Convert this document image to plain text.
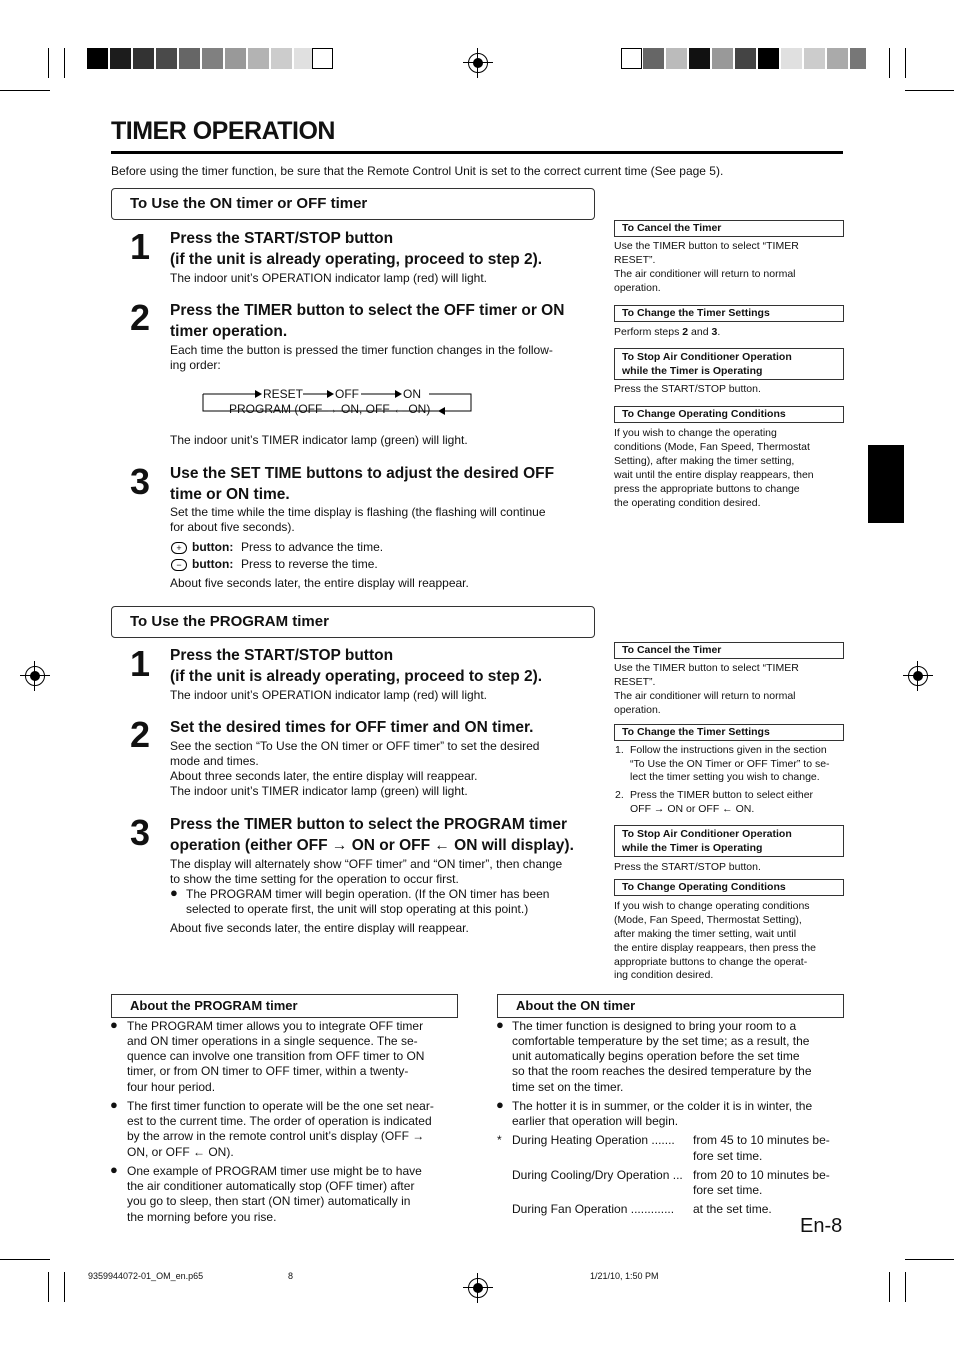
TIMER OPERATION
Before using the timer function, be sure that the Remote Control Unit is set to the correct current time (See page 5).
To Use the ON timer or OFF timer
1 Press the START/STOP button
(if the unit is already operating, proceed to step 2).
The indoor unit’s OPERATION indicator lamp (red) will light.
2 Press the TIMER button to select the OFF timer or ON
timer operation.
Each time the button is pressed the timer function changes in the follow-
ing order:
RESET	OFF	ON
PROGRAM (OFF → ON, OFF ← ON)
The indoor unit’s TIMER indicator lamp (green) will light.
3 Use the SET TIME buttons to adjust the desired OFF
time or ON time.
Set the time while the time display is flashing (the flashing will continue
for about five seconds).
+ button: Press to advance the time.
− button: Press to reverse the time.
About five seconds later, the entire display will reappear.
To Cancel the Timer
Use the TIMER button to select “TIMER
RESET”.
The air conditioner will return to normal
operation.
To Change the Timer Settings
Perform steps 2 and 3.
To Stop Air Conditioner Operation
while the Timer is Operating
Press the START/STOP button.
To Change Operating Conditions
If you wish to change the operating
conditions (Mode, Fan Speed, Thermostat
Setting), after making the timer setting,
wait until the entire display reappears, then
press the appropriate buttons to change
the operating condition desired.
To Use the PROGRAM timer
1 Press the START/STOP button
(if the unit is already operating, proceed to step 2).
The indoor unit’s OPERATION indicator lamp (red) will light.
2 Set the desired times for OFF timer and ON timer.
See the section “To Use the ON timer or OFF timer” to set the desired
mode and times.
About three seconds later, the entire display will reappear.
The indoor unit’s TIMER indicator lamp (green) will light.
3 Press the TIMER button to select the PROGRAM timer
operation (either OFF → ON or OFF ← ON will display).
The display will alternately show “OFF timer” and “ON timer”, then change
to show the time setting for the operation to occur first.
● The PROGRAM timer will begin operation. (If the ON timer has been
selected to operate first, the unit will stop operating at this point.)
About five seconds later, the entire display will reappear.
To Cancel the Timer
Use the TIMER button to select “TIMER
RESET”.
The air conditioner will return to normal
operation.
To Change the Timer Settings
1. Follow the instructions given in the section
“To Use the ON Timer or OFF Timer” to se-
lect the timer setting you wish to change.
2. Press the TIMER button to select either
OFF → ON or OFF ← ON.
To Stop Air Conditioner Operation
while the Timer is Operating
Press the START/STOP button.
To Change Operating Conditions
If you wish to change operating conditions
(Mode, Fan Speed, Thermostat Setting),
after making the timer setting, wait until
the entire display reappears, then press the
appropriate buttons to change the operat-
ing condition desired.
About the PROGRAM timer
● The PROGRAM timer allows you to integrate OFF timer
and ON timer operations in a single sequence. The se-
quence can involve one transition from OFF timer to ON
timer, or from ON timer to OFF timer, within a twenty-
four hour period.
● The first timer function to operate will be the one set near-
est to the current time. The order of operation is indicated
by the arrow in the remote control unit’s display (OFF →
ON, or OFF ← ON).
● One example of PROGRAM timer use might be to have
the air conditioner automatically stop (OFF timer) after
you go to sleep, then start (ON timer) automatically in
the morning before you rise.
About the ON timer
● The timer function is designed to bring your room to a
comfortable temperature by the set time; as a result, the
unit automatically begins operation before the set time
so that the room reaches the desired temperature by the
time set on the timer.
● The hotter it is in summer, or the colder it is in winter, the
earlier that operation will begin.
* During Heating Operation ....... from 45 to 10 minutes be-
fore set time.
During Cooling/Dry Operation ... from 20 to 10 minutes be-
fore set time.
During Fan Operation ............. at the set time.
En-8
9359944072-01_OM_en.p65	8	1/21/10, 1:50 PM
